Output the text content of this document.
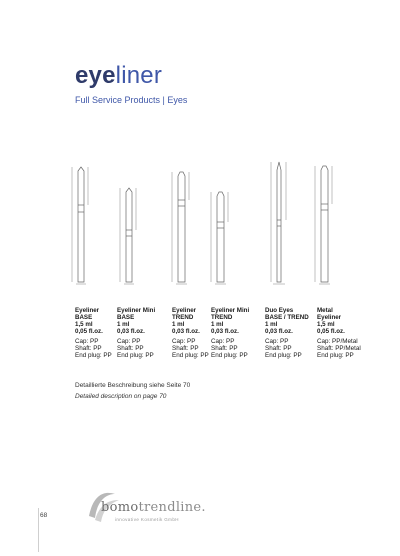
eyeliner
Full Service Products | Eyes
Eyeliner
BASE
1,5 ml
0,05 fl.oz.
Cap: PP
Shaft: PP
End plug: PP
Eyeliner Mini
BASE
1 ml
0,03 fl.oz.
Cap: PP
Shaft: PP
End plug: PP
Eyeliner
TREND
1 ml
0,03 fl.oz.
Cap: PP
Shaft: PP
End plug: PP
Eyeliner Mini
TREND
1 ml
0,03 fl.oz.
Cap: PP
Shaft: PP
End plug: PP
Duo Eyes
BASE / TREND
1 ml
0,03 fl.oz.
Cap: PP
Shaft: PP
End plug: PP
Metal
Eyeliner
1,5 ml
0,05 fl.oz.
Cap: PP/Metal
Shaft: PP/Metal
End plug: PP
Detaillierte Beschreibung siehe Seite 70
Detailed description on page 70
bomotrendline.
innovative Kosmetik GmbH
68
